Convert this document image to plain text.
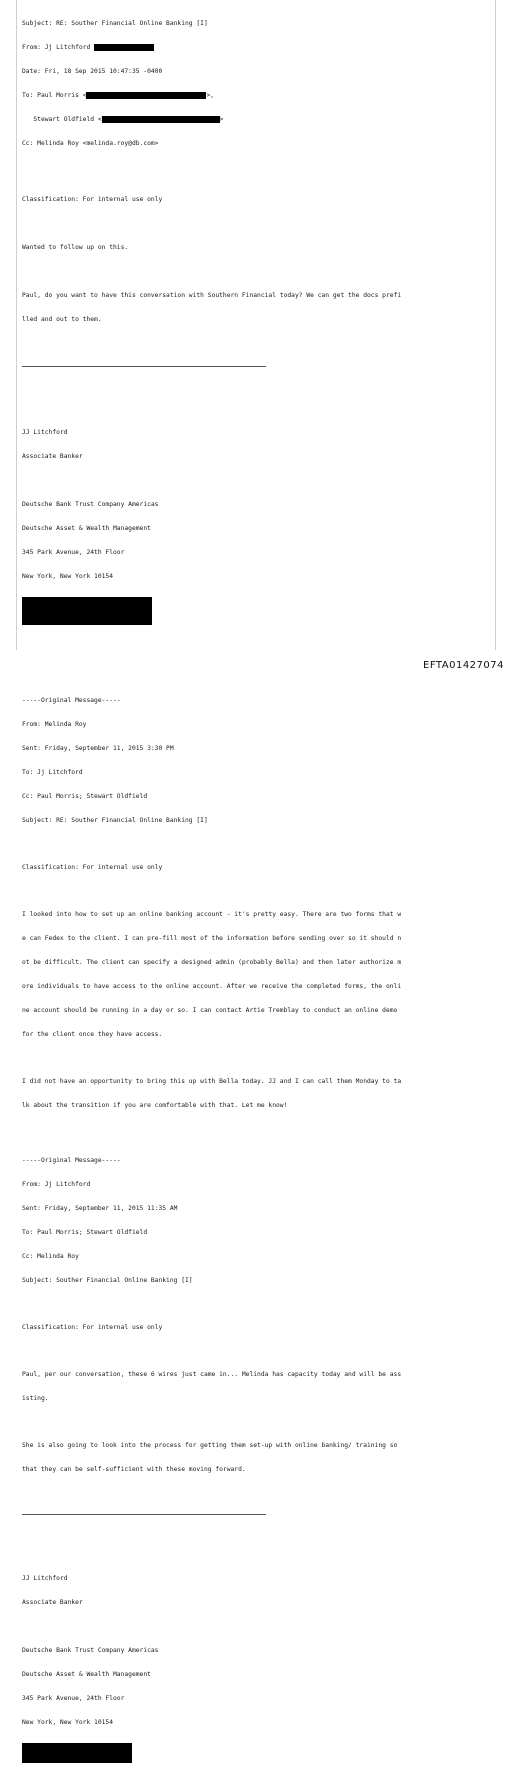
Subject: RE: Souther Financial Online Banking [I]

From: Jj Litchford

Date: Fri, 18 Sep 2015 10:47:35 -0400

To: Paul Morris <	>,

Stewart Oldfield <	>

Cc: Melinda Roy <melinda.roy@db.com>

Classification: For internal use only

Wanted to follow up on this.

Paul, do you want to have this conversation with Southern Financial today? We can get the docs prefi

lled and out to them.

JJ Litchford

Associate Banker

Deutsche Bank Trust Company Americas

Deutsche Asset & Wealth Management

345 Park Avenue, 24th Floor

New York, New York 10154

-----Original Message-----

From: Melinda Roy

Sent: Friday, September 11, 2015 3:30 PM

To: Jj Litchford

Cc: Paul Morris; Stewart Oldfield

Subject: RE: Souther Financial Online Banking [I]

Classification: For internal use only

I looked into how to set up an online banking account - it's pretty easy. There are two forms that w

e can Fedex to the client. I can pre-fill most of the information before sending over so it should n

ot be difficult. The client can specify a designed admin (probably Bella) and then later authorize m

ore individuals to have access to the online account. After we receive the completed forms, the onli

ne account should be running in a day or so. I can contact Artie Tremblay to conduct an online demo

for the client once they have access.

I did not have an opportunity to bring this up with Bella today. JJ and I can call them Monday to ta

lk about the transition if you are comfortable with that. Let me know!

-----Original Message-----

From: Jj Litchford

Sent: Friday, September 11, 2015 11:35 AM

To: Paul Morris; Stewart Oldfield

Cc: Melinda Roy

Subject: Souther Financial Online Banking [I]

Classification: For internal use only

Paul, per our conversation, these 6 wires just came in... Melinda has capacity today and will be ass

isting.

She is also going to look into the process for getting them set-up with online banking/ training so

that they can be self-sufficient with these moving forward.

JJ Litchford

Associate Banker

Deutsche Bank Trust Company Americas

Deutsche Asset & Wealth Management

345 Park Avenue, 24th Floor

New York, New York 10154

EFTA01427074
